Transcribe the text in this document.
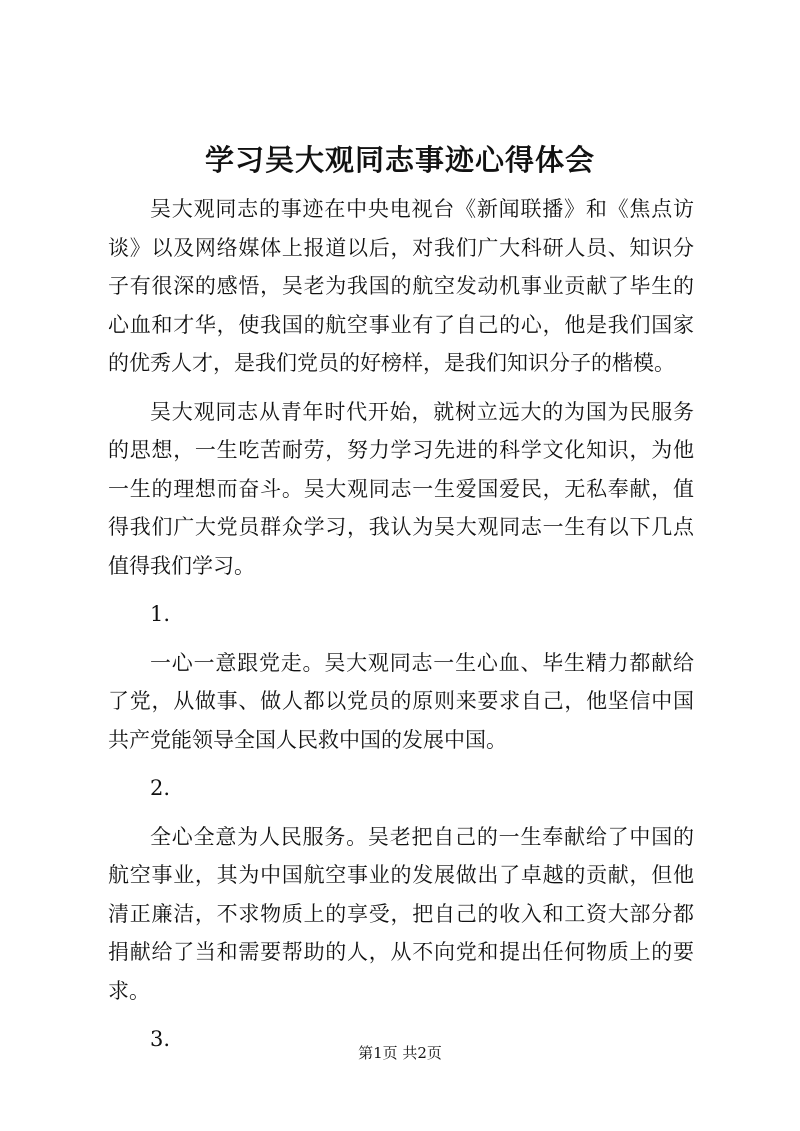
学习吴大观同志事迹心得体会

吴大观同志的事迹在中央电视台《新闻联播》和《焦点访谈》以及网络媒体上报道以后，对我们广大科研人员、知识分子有很深的感悟，吴老为我国的航空发动机事业贡献了毕生的心血和才华，使我国的航空事业有了自己的心，他是我们国家的优秀人才，是我们党员的好榜样，是我们知识分子的楷模。

吴大观同志从青年时代开始，就树立远大的为国为民服务的思想，一生吃苦耐劳，努力学习先进的科学文化知识，为他一生的理想而奋斗。吴大观同志一生爱国爱民，无私奉献，值得我们广大党员群众学习，我认为吴大观同志一生有以下几点值得我们学习。

1.

一心一意跟党走。吴大观同志一生心血、毕生精力都献给了党，从做事、做人都以党员的原则来要求自己，他坚信中国共产党能领导全国人民救中国的发展中国。

2.

全心全意为人民服务。吴老把自己的一生奉献给了中国的航空事业，其为中国航空事业的发展做出了卓越的贡献，但他清正廉洁，不求物质上的享受，把自己的收入和工资大部分都捐献给了当和需要帮助的人，从不向党和提出任何物质上的要求。

3.

第1页 共2页
